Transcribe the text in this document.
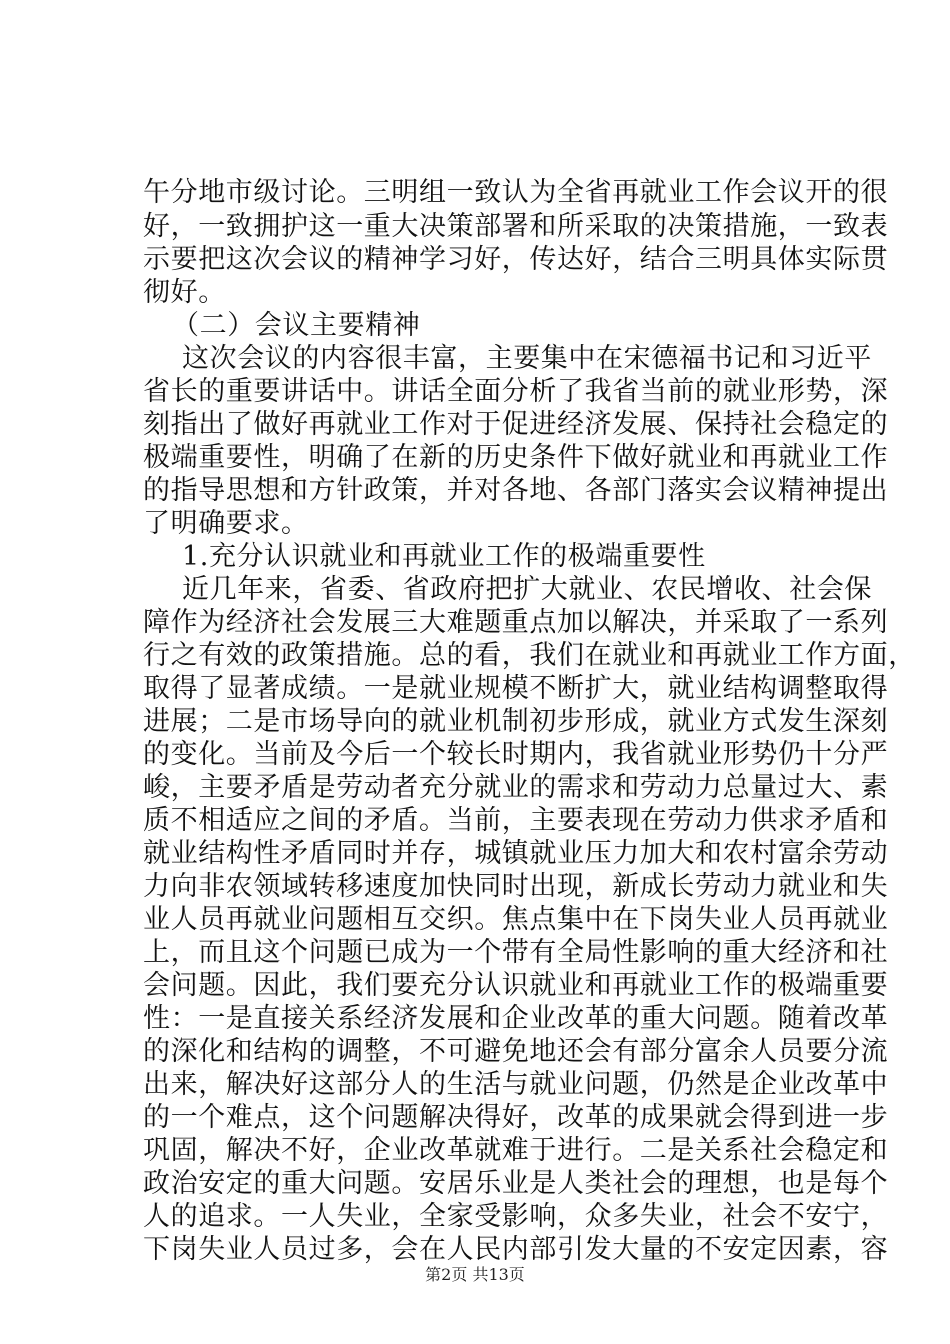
午分地市级讨论。三明组一致认为全省再就业工作会议开的很
好，一致拥护这一重大决策部署和所采取的决策措施，一致表
示要把这次会议的精神学习好，传达好，结合三明具体实际贯
彻好。
（二）会议主要精神
这次会议的内容很丰富，主要集中在宋德福书记和习近平
省长的重要讲话中。讲话全面分析了我省当前的就业形势，深
刻指出了做好再就业工作对于促进经济发展、保持社会稳定的
极端重要性，明确了在新的历史条件下做好就业和再就业工作
的指导思想和方针政策，并对各地、各部门落实会议精神提出
了明确要求。
1.充分认识就业和再就业工作的极端重要性
近几年来，省委、省政府把扩大就业、农民增收、社会保
障作为经济社会发展三大难题重点加以解决，并采取了一系列
行之有效的政策措施。总的看，我们在就业和再就业工作方面，
取得了显著成绩。一是就业规模不断扩大，就业结构调整取得
进展；二是市场导向的就业机制初步形成，就业方式发生深刻
的变化。当前及今后一个较长时期内，我省就业形势仍十分严
峻，主要矛盾是劳动者充分就业的需求和劳动力总量过大、素
质不相适应之间的矛盾。当前，主要表现在劳动力供求矛盾和
就业结构性矛盾同时并存，城镇就业压力加大和农村富余劳动
力向非农领域转移速度加快同时出现，新成长劳动力就业和失
业人员再就业问题相互交织。焦点集中在下岗失业人员再就业
上，而且这个问题已成为一个带有全局性影响的重大经济和社
会问题。因此，我们要充分认识就业和再就业工作的极端重要
性：一是直接关系经济发展和企业改革的重大问题。随着改革
的深化和结构的调整，不可避免地还会有部分富余人员要分流
出来，解决好这部分人的生活与就业问题，仍然是企业改革中
的一个难点，这个问题解决得好，改革的成果就会得到进一步
巩固，解决不好，企业改革就难于进行。二是关系社会稳定和
政治安定的重大问题。安居乐业是人类社会的理想，也是每个
人的追求。一人失业，全家受影响，众多失业，社会不安宁，
下岗失业人员过多，会在人民内部引发大量的不安定因素，容
第2页 共13页
